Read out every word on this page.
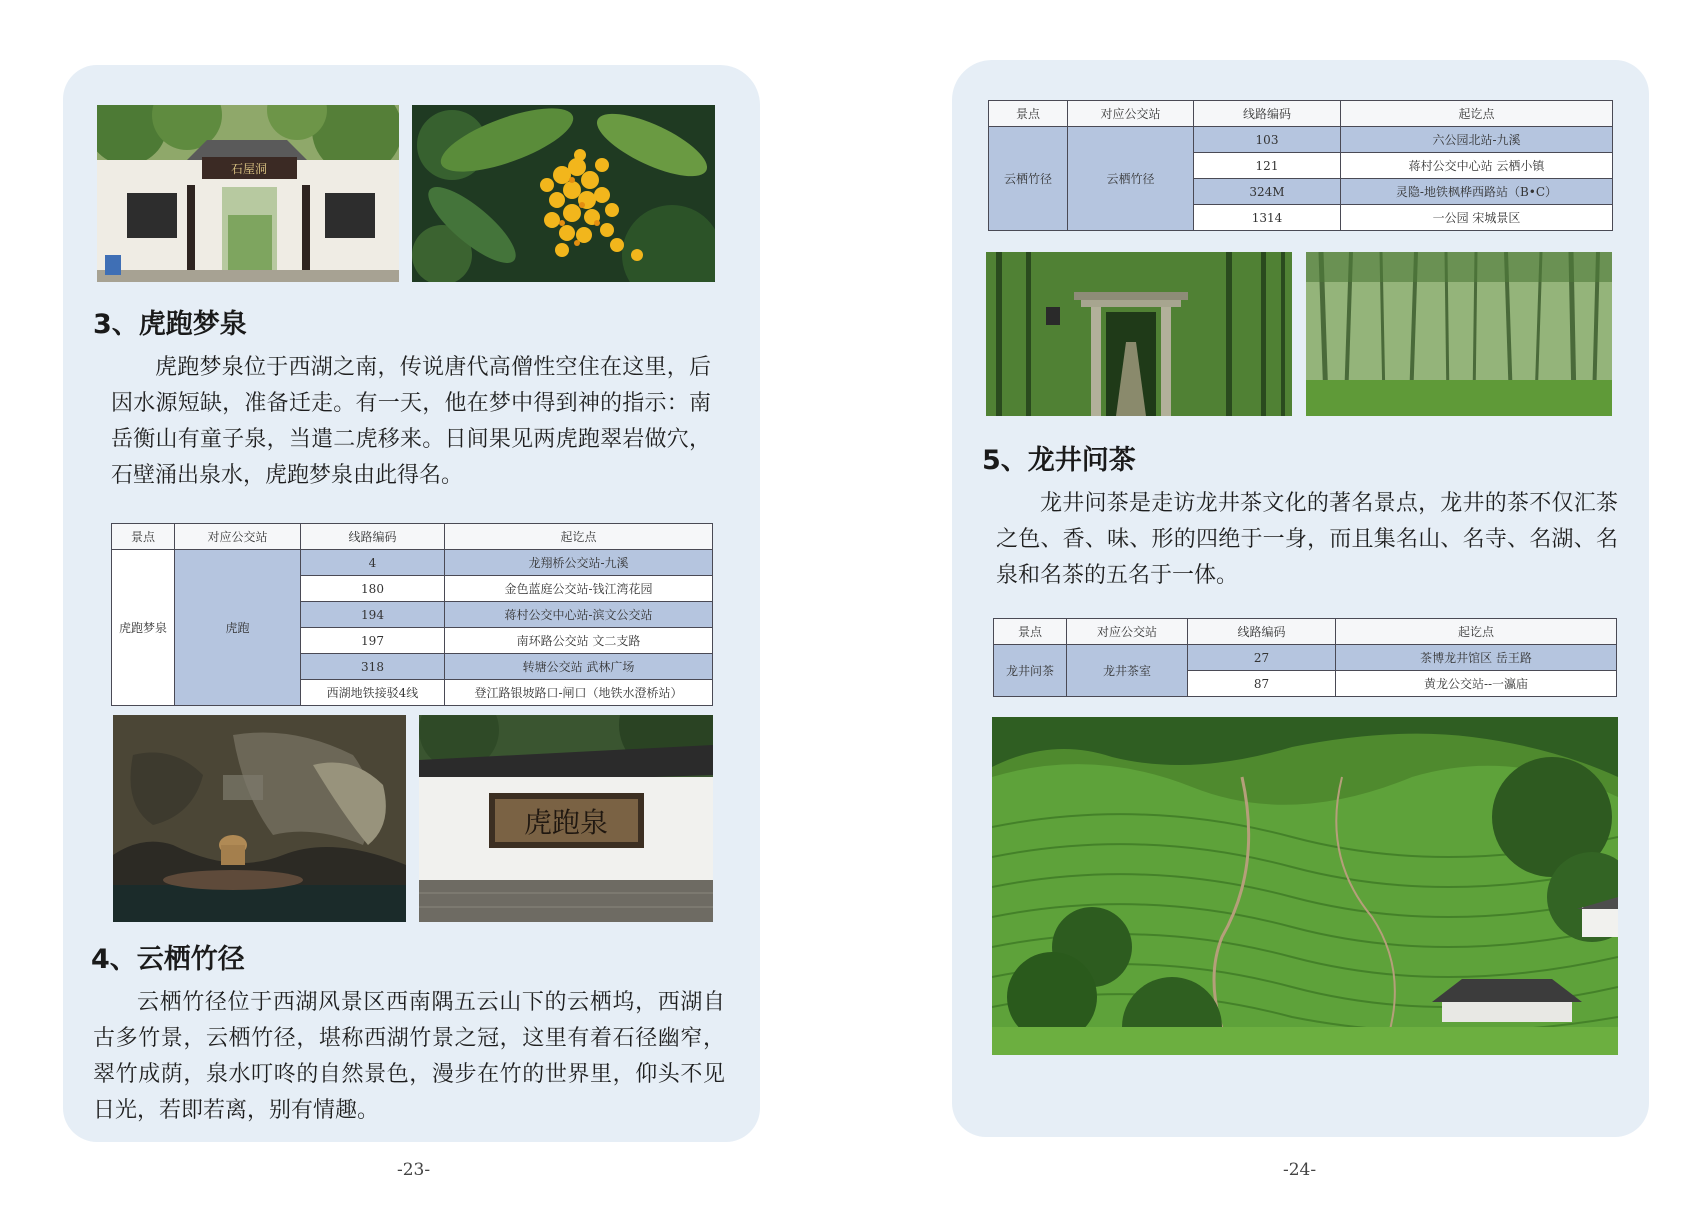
石屋洞
3、虎跑梦泉

虎跑梦泉位于西湖之南，传说唐代高僧性空住在这里，后因水源短缺，准备迁走。有一天，他在梦中得到神的指示：南岳衡山有童子泉，当遣二虎移来。日间果见两虎跑翠岩做穴，石壁涌出泉水，虎跑梦泉由此得名。

景点	对应公交站	线路编码	起讫点
虎跑梦泉	虎跑	4	龙翔桥公交站-九溪
		180	金色蓝庭公交站-钱江湾花园
		194	蒋村公交中心站-滨文公交站
		197	南环路公交站 文二支路
		318	转塘公交站 武林广场
		西湖地铁接驳4线	登江路银坡路口-闸口（地铁水澄桥站）
虎跑泉
4、云栖竹径

云栖竹径位于西湖风景区西南隅五云山下的云栖坞，西湖自古多竹景，云栖竹径，堪称西湖竹景之冠，这里有着石径幽窄，翠竹成荫，泉水叮咚的自然景色，漫步在竹的世界里，仰头不见日光，若即若离，别有情趣。

-23-
景点	对应公交站	线路编码	起讫点
云栖竹径	云栖竹径	103	六公园北站-九溪
		121	蒋村公交中心站 云栖小镇
		324M	灵隐-地铁枫桦西路站（B•C）
		1314	一公园 宋城景区
5、龙井问茶

龙井问茶是走访龙井茶文化的著名景点，龙井的茶不仅汇茶之色、香、味、形的四绝于一身，而且集名山、名寺、名湖、名泉和名茶的五名于一体。

景点	对应公交站	线路编码	起讫点
龙井问茶	龙井茶室	27	茶博龙井馆区 岳王路
		87	黄龙公交站--一瀛庙
-24-
